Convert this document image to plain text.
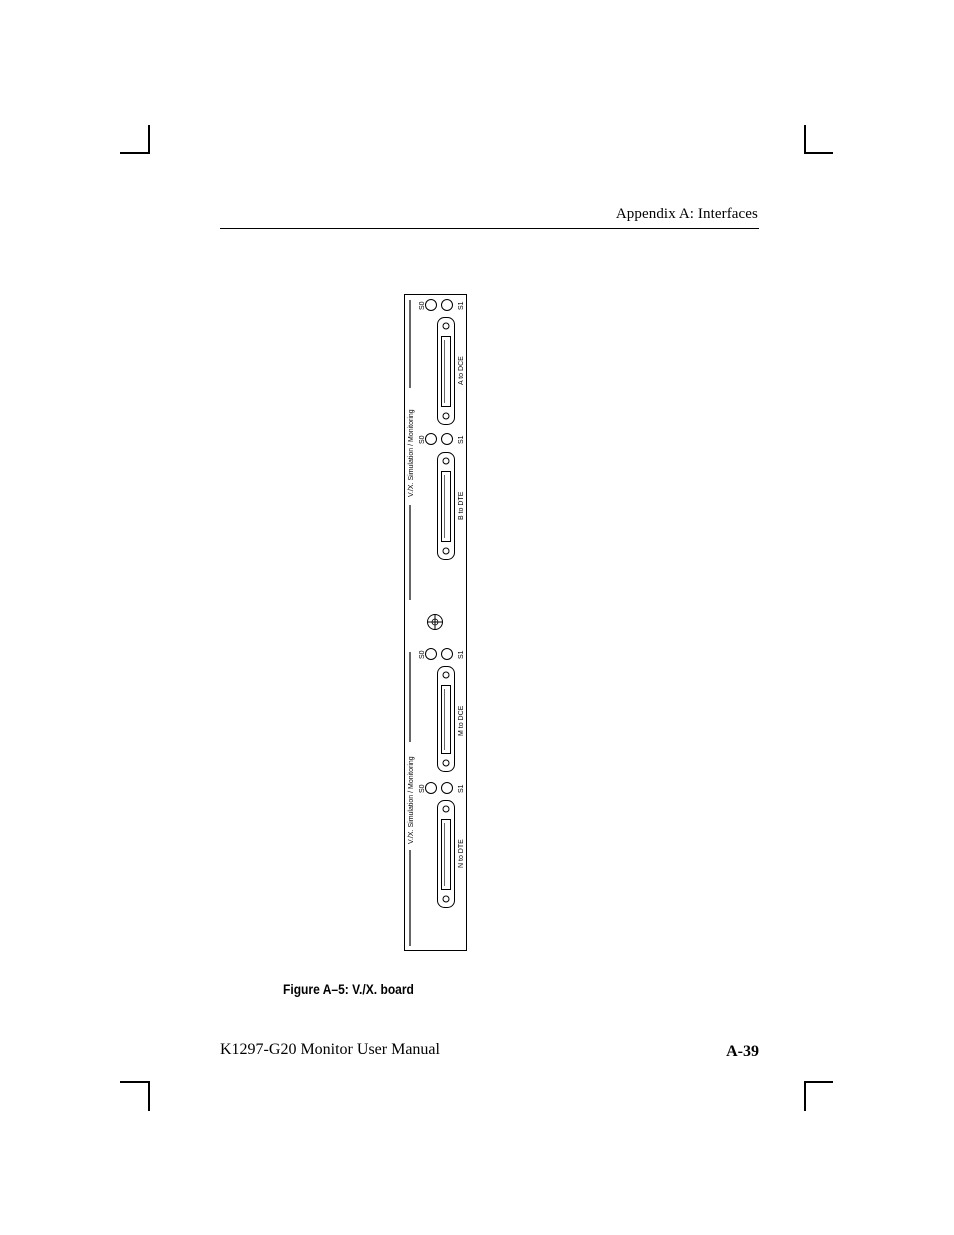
Appendix A: Interfaces
V./X. Simulation / Monitoring
V./X. Simulation / Monitoring
S0	S1
A to DCE
S0	S1
B to DTE
S0	S1
M to DCE
S0	S1
N to DTE
Figure A–5: V./X. board
K1297-G20 Monitor User Manual	A-39
